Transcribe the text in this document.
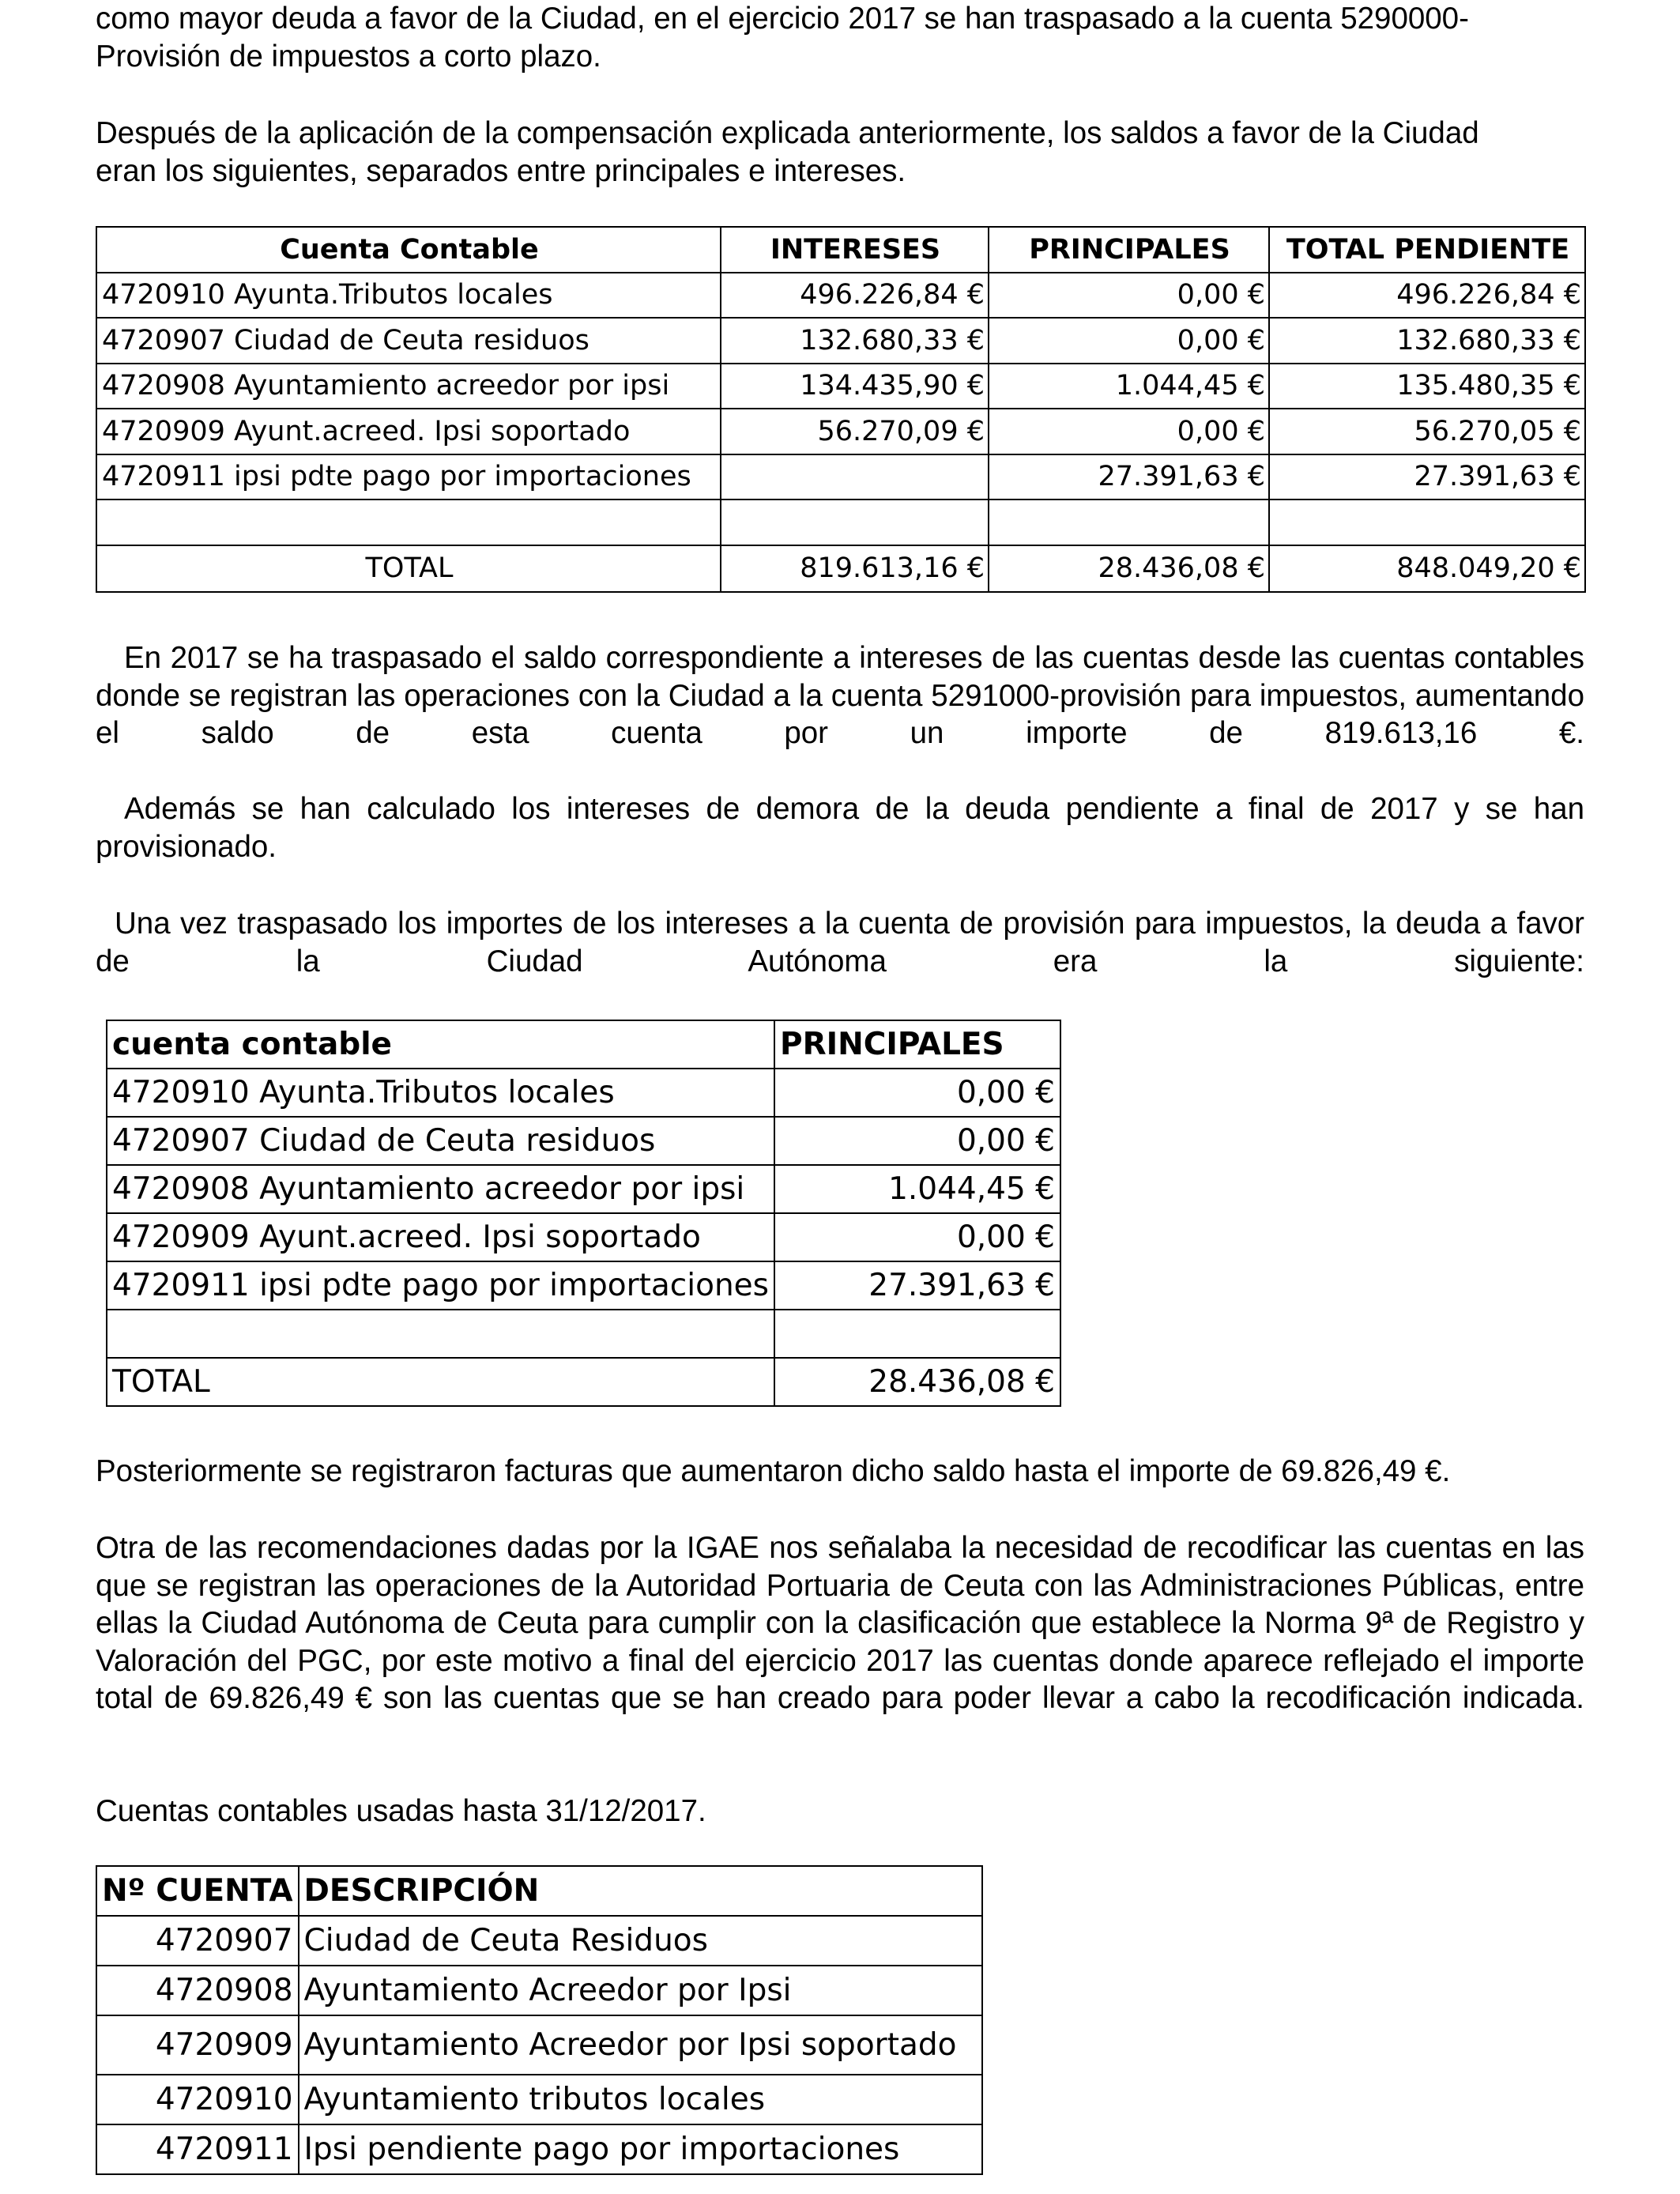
como mayor deuda a favor de la Ciudad, en el ejercicio 2017 se han traspasado a la cuenta 5290000-Provisión de impuestos a corto plazo.

Después de la aplicación de la compensación explicada anteriormente, los saldos a favor de la Ciudad eran los siguientes, separados entre principales e intereses.

Cuenta Contable	INTERESES	PRINCIPALES	TOTAL PENDIENTE
4720910 Ayunta.Tributos locales	496.226,84 €	0,00 €	496.226,84 €
4720907 Ciudad de Ceuta residuos	132.680,33 €	0,00 €	132.680,33 €
4720908 Ayuntamiento acreedor por ipsi	134.435,90 €	1.044,45 €	135.480,35 €
4720909 Ayunt.acreed. Ipsi soportado	56.270,09 €	0,00 €	56.270,05 €
4720911 ipsi pdte pago por importaciones		27.391,63 €	27.391,63 €

TOTAL	819.613,16 €	28.436,08 €	848.049,20 €

En 2017 se ha traspasado el saldo correspondiente a intereses de las cuentas desde las cuentas contables donde se registran las operaciones con la Ciudad a la cuenta 5291000-provisión para impuestos, aumentando el saldo de esta cuenta por un importe de 819.613,16 €.

Además se han calculado los intereses de demora de la deuda pendiente a final de 2017 y se han provisionado.

Una vez traspasado los importes de los intereses a la cuenta de provisión para impuestos, la deuda a favor de la Ciudad Autónoma era la siguiente:

cuenta contable	PRINCIPALES
4720910 Ayunta.Tributos locales	0,00 €
4720907 Ciudad de Ceuta residuos	0,00 €
4720908 Ayuntamiento acreedor por ipsi	1.044,45 €
4720909 Ayunt.acreed. Ipsi soportado	0,00 €
4720911 ipsi pdte pago por importaciones	27.391,63 €

TOTAL	28.436,08 €

Posteriormente se registraron facturas que aumentaron dicho saldo hasta el importe de 69.826,49 €.

Otra de las recomendaciones dadas por la IGAE nos señalaba la necesidad de recodificar las cuentas en las que se registran las operaciones de la Autoridad Portuaria de Ceuta con las Administraciones Públicas, entre ellas la Ciudad Autónoma de Ceuta para cumplir con la clasificación que establece la Norma 9ª de Registro y Valoración del PGC, por este motivo a final del ejercicio 2017 las cuentas donde aparece reflejado el importe total de 69.826,49 € son las cuentas que se han creado para poder llevar a cabo la recodificación indicada.

Cuentas contables usadas hasta 31/12/2017.

Nº CUENTA	DESCRIPCIÓN
4720907	Ciudad de Ceuta Residuos
4720908	Ayuntamiento Acreedor por Ipsi
4720909	Ayuntamiento Acreedor por Ipsi soportado
4720910	Ayuntamiento tributos locales
4720911	Ipsi pendiente pago por importaciones
